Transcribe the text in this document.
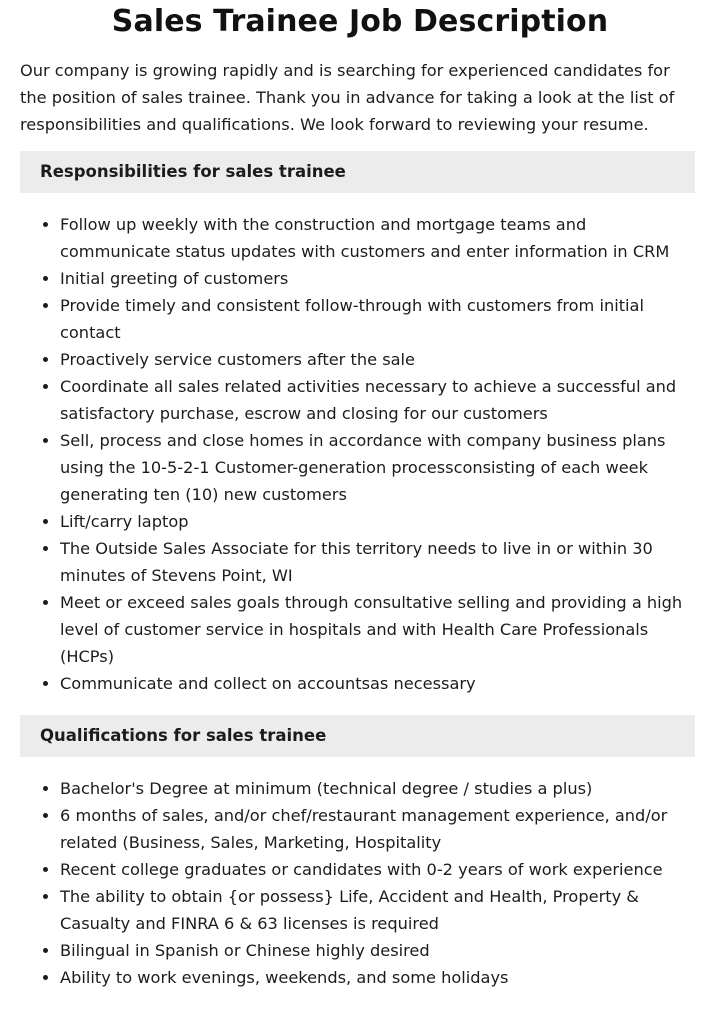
Sales Trainee Job Description

Our company is growing rapidly and is searching for experienced candidates for the position of sales trainee. Thank you in advance for taking a look at the list of responsibilities and qualifications. We look forward to reviewing your resume.

Responsibilities for sales trainee
Follow up weekly with the construction and mortgage teams and communicate status updates with customers and enter information in CRM
Initial greeting of customers
Provide timely and consistent follow-through with customers from initial contact
Proactively service customers after the sale
Coordinate all sales related activities necessary to achieve a successful and satisfactory purchase, escrow and closing for our customers
Sell, process and close homes in accordance with company business plans using the 10-5-2-1 Customer-generation processconsisting of each week generating ten (10) new customers
Lift/carry laptop
The Outside Sales Associate for this territory needs to live in or within 30 minutes of Stevens Point, WI
Meet or exceed sales goals through consultative selling and providing a high level of customer service in hospitals and with Health Care Professionals (HCPs)
Communicate and collect on accountsas necessary
Qualifications for sales trainee
Bachelor's Degree at minimum (technical degree / studies a plus)
6 months of sales, and/or chef/restaurant management experience, and/or related (Business, Sales, Marketing, Hospitality
Recent college graduates or candidates with 0-2 years of work experience
The ability to obtain {or possess} Life, Accident and Health, Property & Casualty and FINRA 6 & 63 licenses is required
Bilingual in Spanish or Chinese highly desired
Ability to work evenings, weekends, and some holidays
